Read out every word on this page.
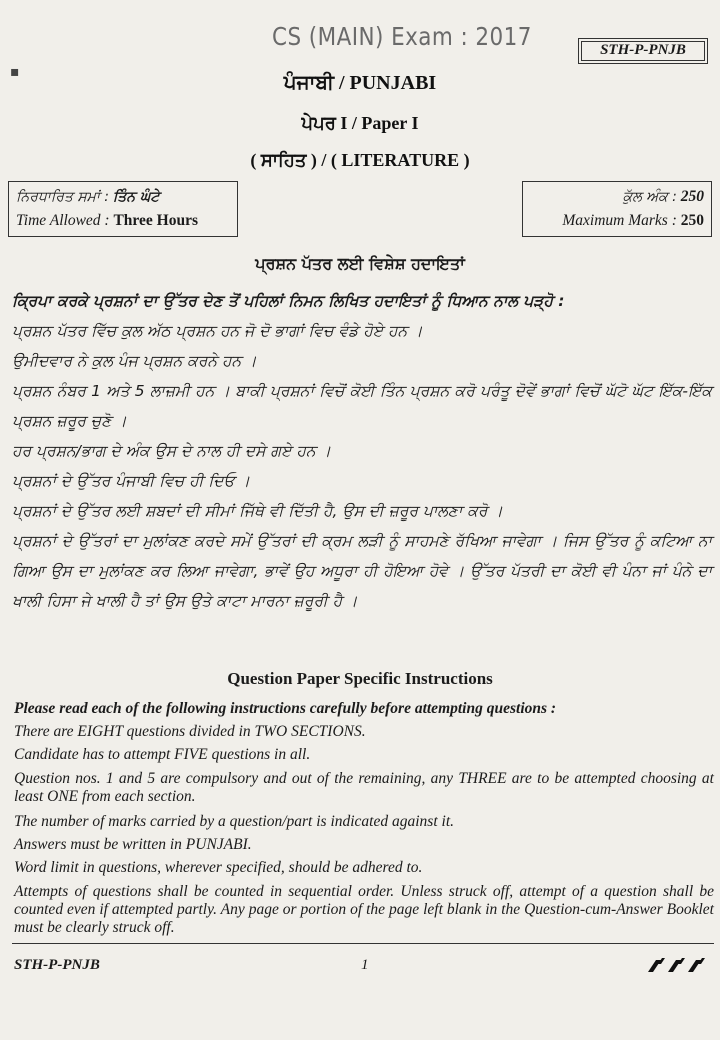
CS (MAIN) Exam : 2017	STH-P-PNJB
▪	ਪੰਜਾਬੀ / PUNJABI
ਪੇਪਰ I / Paper I
( ਸਾਹਿਤ ) / ( LITERATURE )
ਨਿਰਧਾਰਿਤ ਸਮਾਂ : ਤਿੰਨ ਘੰਟੇ
Time Allowed : Three Hours
ਕੁੱਲ ਅੰਕ : 250
Maximum Marks : 250
ਪ੍ਰਸ਼ਨ ਪੱਤਰ ਲਈ ਵਿਸ਼ੇਸ਼ ਹਦਾਇਤਾਂ

ਕ੍ਰਿਪਾ ਕਰਕੇ ਪ੍ਰਸ਼ਨਾਂ ਦਾ ਉੱਤਰ ਦੇਣ ਤੋਂ ਪਹਿਲਾਂ ਨਿਮਨ ਲਿਖਿਤ ਹਦਾਇਤਾਂ ਨੂੰ ਧਿਆਨ ਨਾਲ ਪੜ੍ਹੋ :

ਪ੍ਰਸ਼ਨ ਪੱਤਰ ਵਿੱਚ ਕੁਲ ਅੱਠ ਪ੍ਰਸ਼ਨ ਹਨ ਜੋ ਦੋ ਭਾਗਾਂ ਵਿਚ ਵੰਡੇ ਹੋਏ ਹਨ ।

ਉਮੀਦਵਾਰ ਨੇ ਕੁਲ ਪੰਜ ਪ੍ਰਸ਼ਨ ਕਰਨੇ ਹਨ ।

ਪ੍ਰਸ਼ਨ ਨੰਬਰ 1 ਅਤੇ 5 ਲਾਜ਼ਮੀ ਹਨ । ਬਾਕੀ ਪ੍ਰਸ਼ਨਾਂ ਵਿਚੋਂ ਕੋਈ ਤਿੰਨ ਪ੍ਰਸ਼ਨ ਕਰੋ ਪਰੰਤੂ ਦੋਵੇਂ ਭਾਗਾਂ ਵਿਚੋਂ ਘੱਟੋ ਘੱਟ ਇੱਕ-ਇੱਕ ਪ੍ਰਸ਼ਨ ਜ਼ਰੂਰ ਚੁਣੋ ।

ਹਰ ਪ੍ਰਸ਼ਨ/ਭਾਗ ਦੇ ਅੰਕ ਉਸ ਦੇ ਨਾਲ ਹੀ ਦਸੇ ਗਏ ਹਨ ।

ਪ੍ਰਸ਼ਨਾਂ ਦੇ ਉੱਤਰ ਪੰਜਾਬੀ ਵਿਚ ਹੀ ਦਿਓ ।

ਪ੍ਰਸ਼ਨਾਂ ਦੇ ਉੱਤਰ ਲਈ ਸ਼ਬਦਾਂ ਦੀ ਸੀਮਾਂ ਜਿੱਥੇ ਵੀ ਦਿੱਤੀ ਹੈ, ਉਸ ਦੀ ਜ਼ਰੂਰ ਪਾਲਣਾ ਕਰੋ ।

ਪ੍ਰਸ਼ਨਾਂ ਦੇ ਉੱਤਰਾਂ ਦਾ ਮੁਲਾਂਕਣ ਕਰਦੇ ਸਮੇਂ ਉੱਤਰਾਂ ਦੀ ਕ੍ਰਮ ਲੜੀ ਨੂੰ ਸਾਹਮਣੇ ਰੱਖਿਆ ਜਾਵੇਗਾ । ਜਿਸ ਉੱਤਰ ਨੂੰ ਕਟਿਆ ਨਾ ਗਿਆ ਉਸ ਦਾ ਮੁਲਾਂਕਣ ਕਰ ਲਿਆ ਜਾਵੇਗਾ, ਭਾਵੇਂ ਉਹ ਅਧੂਰਾ ਹੀ ਹੋਇਆ ਹੋਵੇ । ਉੱਤਰ ਪੱਤਰੀ ਦਾ ਕੋਈ ਵੀ ਪੰਨਾ ਜਾਂ ਪੰਨੇ ਦਾ ਖਾਲੀ ਹਿਸਾ ਜੇ ਖਾਲੀ ਹੈ ਤਾਂ ਉਸ ਉਤੇ ਕਾਟਾ ਮਾਰਨਾ ਜ਼ਰੂਰੀ ਹੈ ।

Question Paper Specific Instructions

Please read each of the following instructions carefully before attempting questions :

There are EIGHT questions divided in TWO SECTIONS.

Candidate has to attempt FIVE questions in all.

Question nos. 1 and 5 are compulsory and out of the remaining, any THREE are to be attempted choosing at least ONE from each section.

The number of marks carried by a question/part is indicated against it.

Answers must be written in PUNJABI.

Word limit in questions, wherever specified, should be adhered to.

Attempts of questions shall be counted in sequential order. Unless struck off, attempt of a question shall be counted even if attempted partly. Any page or portion of the page left blank in the Question-cum-Answer Booklet must be clearly struck off.

STH-P-PNJB	1
